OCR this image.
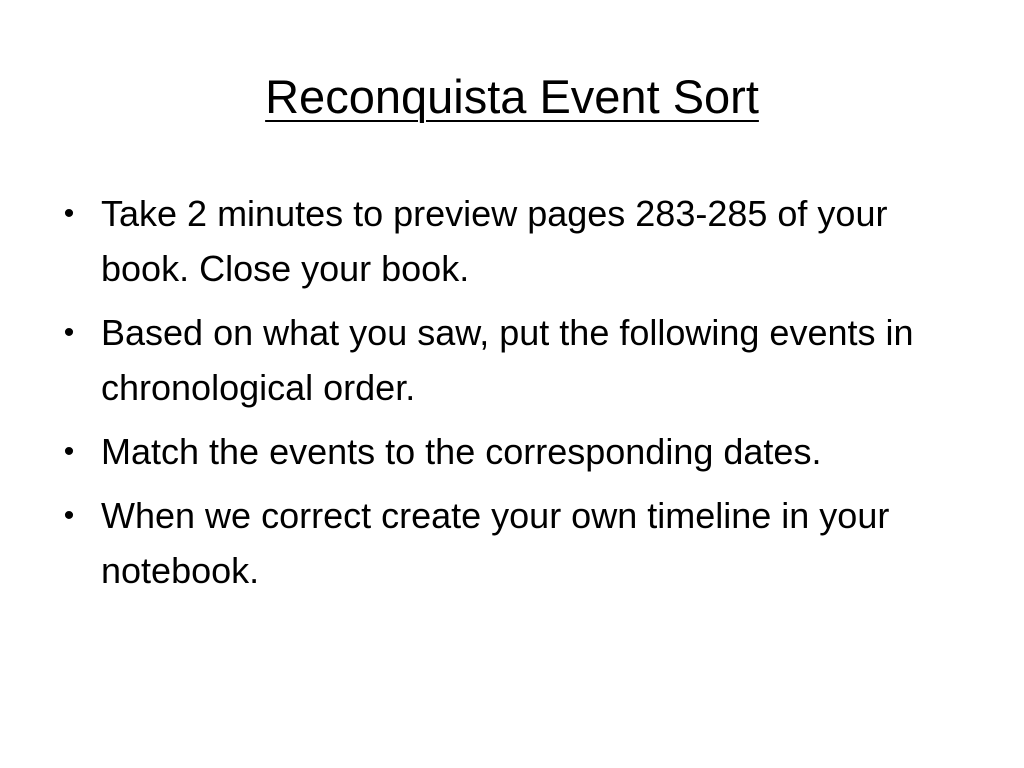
Reconquista Event Sort
• Take 2 minutes to preview pages 283-285 of your book. Close your book.
• Based on what you saw, put the following events in chronological order.
• Match the events to the corresponding dates.
• When we correct create your own timeline in your notebook.
